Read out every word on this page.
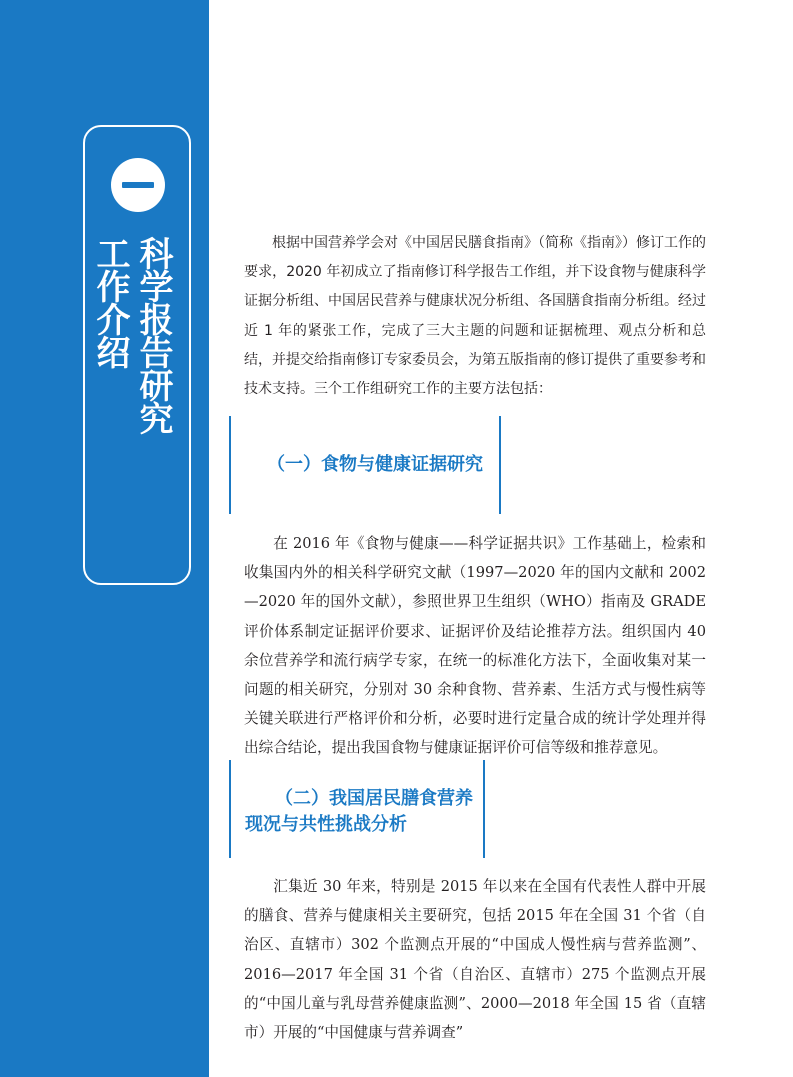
科学报告研究
工作介绍	根据中国营养学会对《中国居民膳食指南》（简称《指南》）修订工作的要求，2020 年初成立了指南修订科学报告工作组，并下设食物与健康科学证据分析组、中国居民营养与健康状况分析组、各国膳食指南分析组。经过近 1 年的紧张工作，完成了三大主题的问题和证据梳理、观点分析和总结，并提交给指南修订专家委员会，为第五版指南的修订提供了重要参考和技术支持。三个工作组研究工作的主要方法包括：

（一）食物与健康证据研究

在 2016 年《食物与健康——科学证据共识》工作基础上，检索和收集国内外的相关科学研究文献（1997—2020 年的国内文献和 2002—2020 年的国外文献），参照世界卫生组织（WHO）指南及 GRADE 评价体系制定证据评价要求、证据评价及结论推荐方法。组织国内 40 余位营养学和流行病学专家，在统一的标准化方法下，全面收集对某一问题的相关研究，分别对 30 余种食物、营养素、生活方式与慢性病等关键关联进行严格评价和分析，必要时进行定量合成的统计学处理并得出综合结论，提出我国食物与健康证据评价可信等级和推荐意见。

（二）我国居民膳食营养
现况与共性挑战分析

汇集近 30 年来，特别是 2015 年以来在全国有代表性人群中开展的膳食、营养与健康相关主要研究，包括 2015 年在全国 31 个省（自治区、直辖市）302 个监测点开展的“中国成人慢性病与营养监测”、2016—2017 年全国 31 个省（自治区、直辖市）275 个监测点开展的“中国儿童与乳母营养健康监测”、2000—2018 年全国 15 省（直辖市）开展的“中国健康与营养调查”
